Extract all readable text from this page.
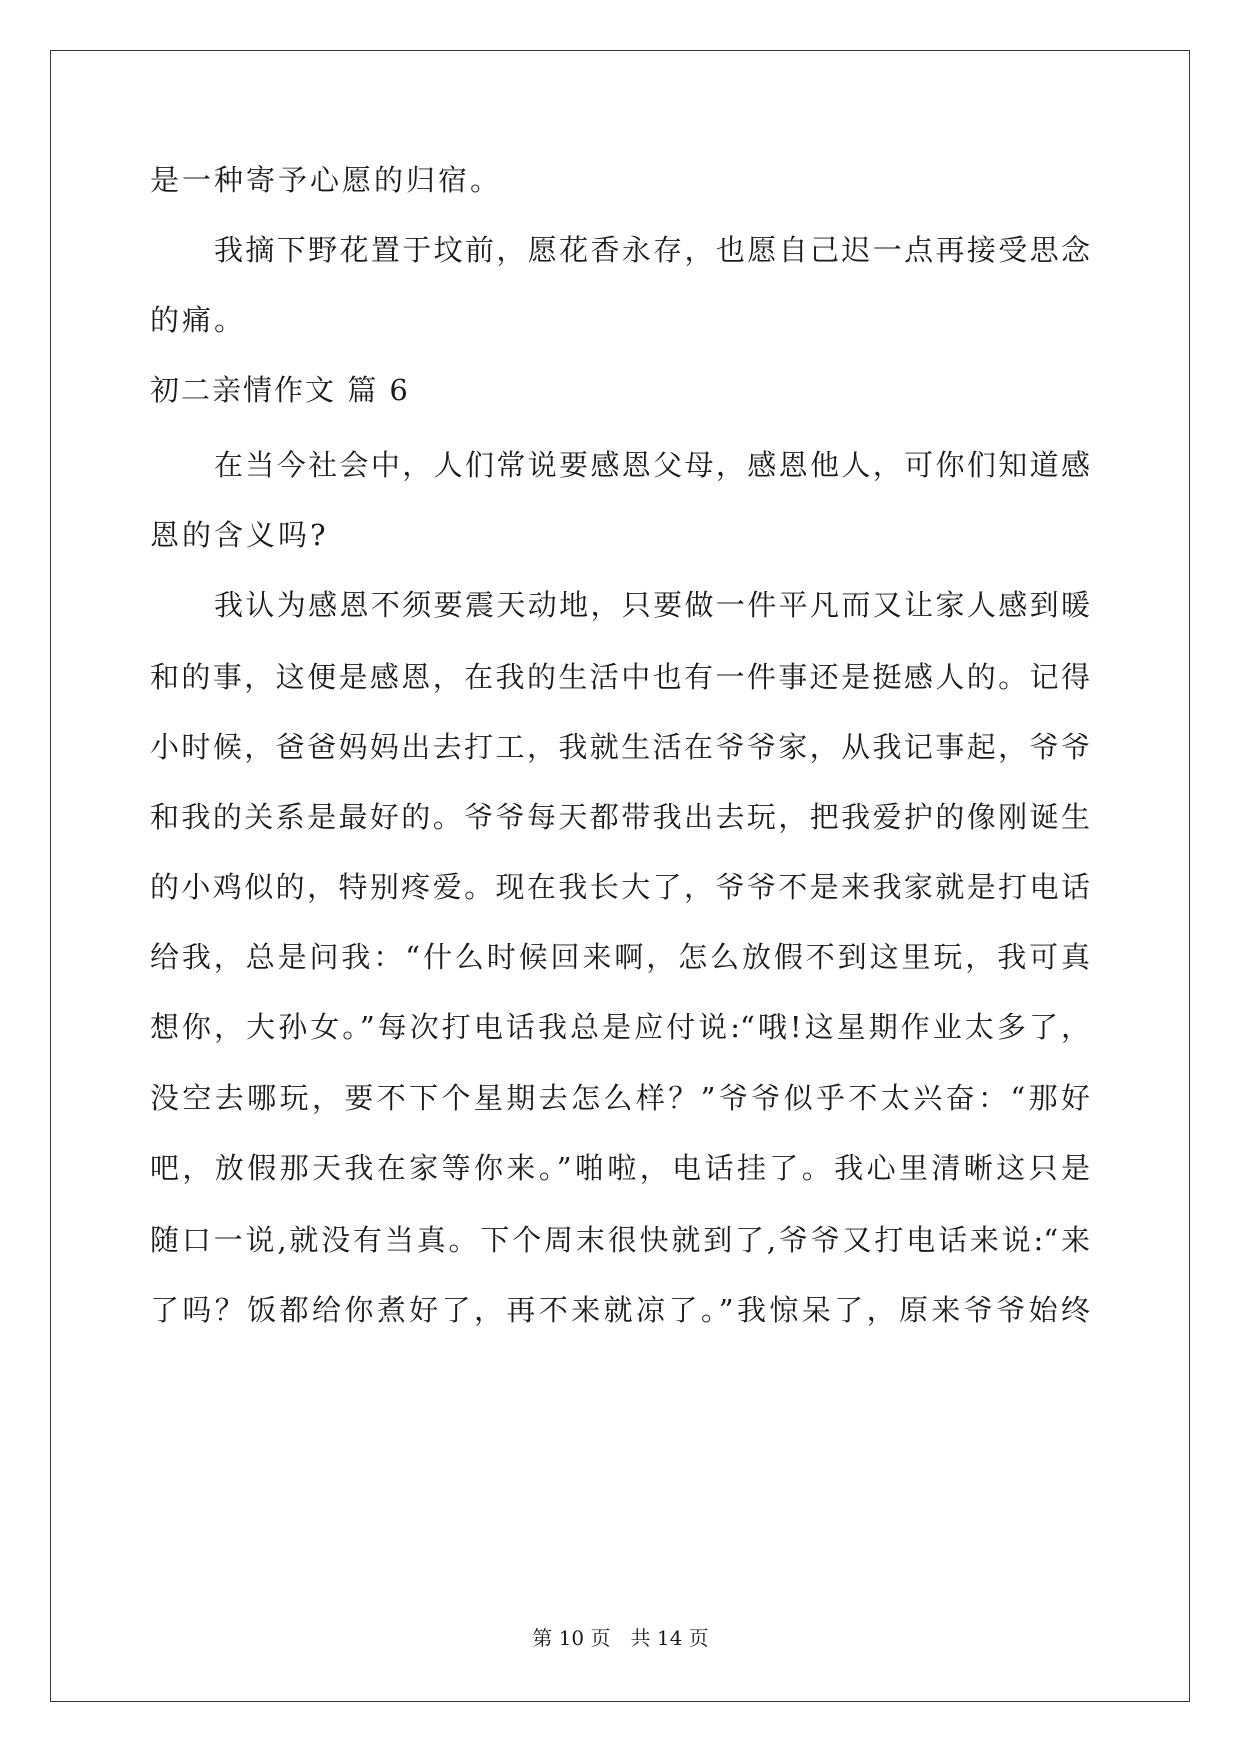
是一种寄予心愿的归宿。
我摘下野花置于坟前，愿花香永存，也愿自己迟一点再接受思念
的痛。
初二亲情作文 篇 6
在当今社会中，人们常说要感恩父母，感恩他人，可你们知道感
恩的含义吗?
我认为感恩不须要震天动地，只要做一件平凡而又让家人感到暖
和的事，这便是感恩，在我的生活中也有一件事还是挺感人的。记得
小时候，爸爸妈妈出去打工，我就生活在爷爷家，从我记事起，爷爷
和我的关系是最好的。爷爷每天都带我出去玩，把我爱护的像刚诞生
的小鸡似的，特别疼爱。现在我长大了，爷爷不是来我家就是打电话
给我，总是问我：“什么时候回来啊，怎么放假不到这里玩，我可真
想你，大孙女。”每次打电话我总是应付说:“哦!这星期作业太多了，
没空去哪玩，要不下个星期去怎么样？”爷爷似乎不太兴奋：“那好
吧，放假那天我在家等你来。”啪啦，电话挂了。我心里清晰这只是
随口一说,就没有当真。下个周末很快就到了,爷爷又打电话来说:“来
了吗？饭都给你煮好了，再不来就凉了。”我惊呆了，原来爷爷始终
第 10 页 共 14 页
